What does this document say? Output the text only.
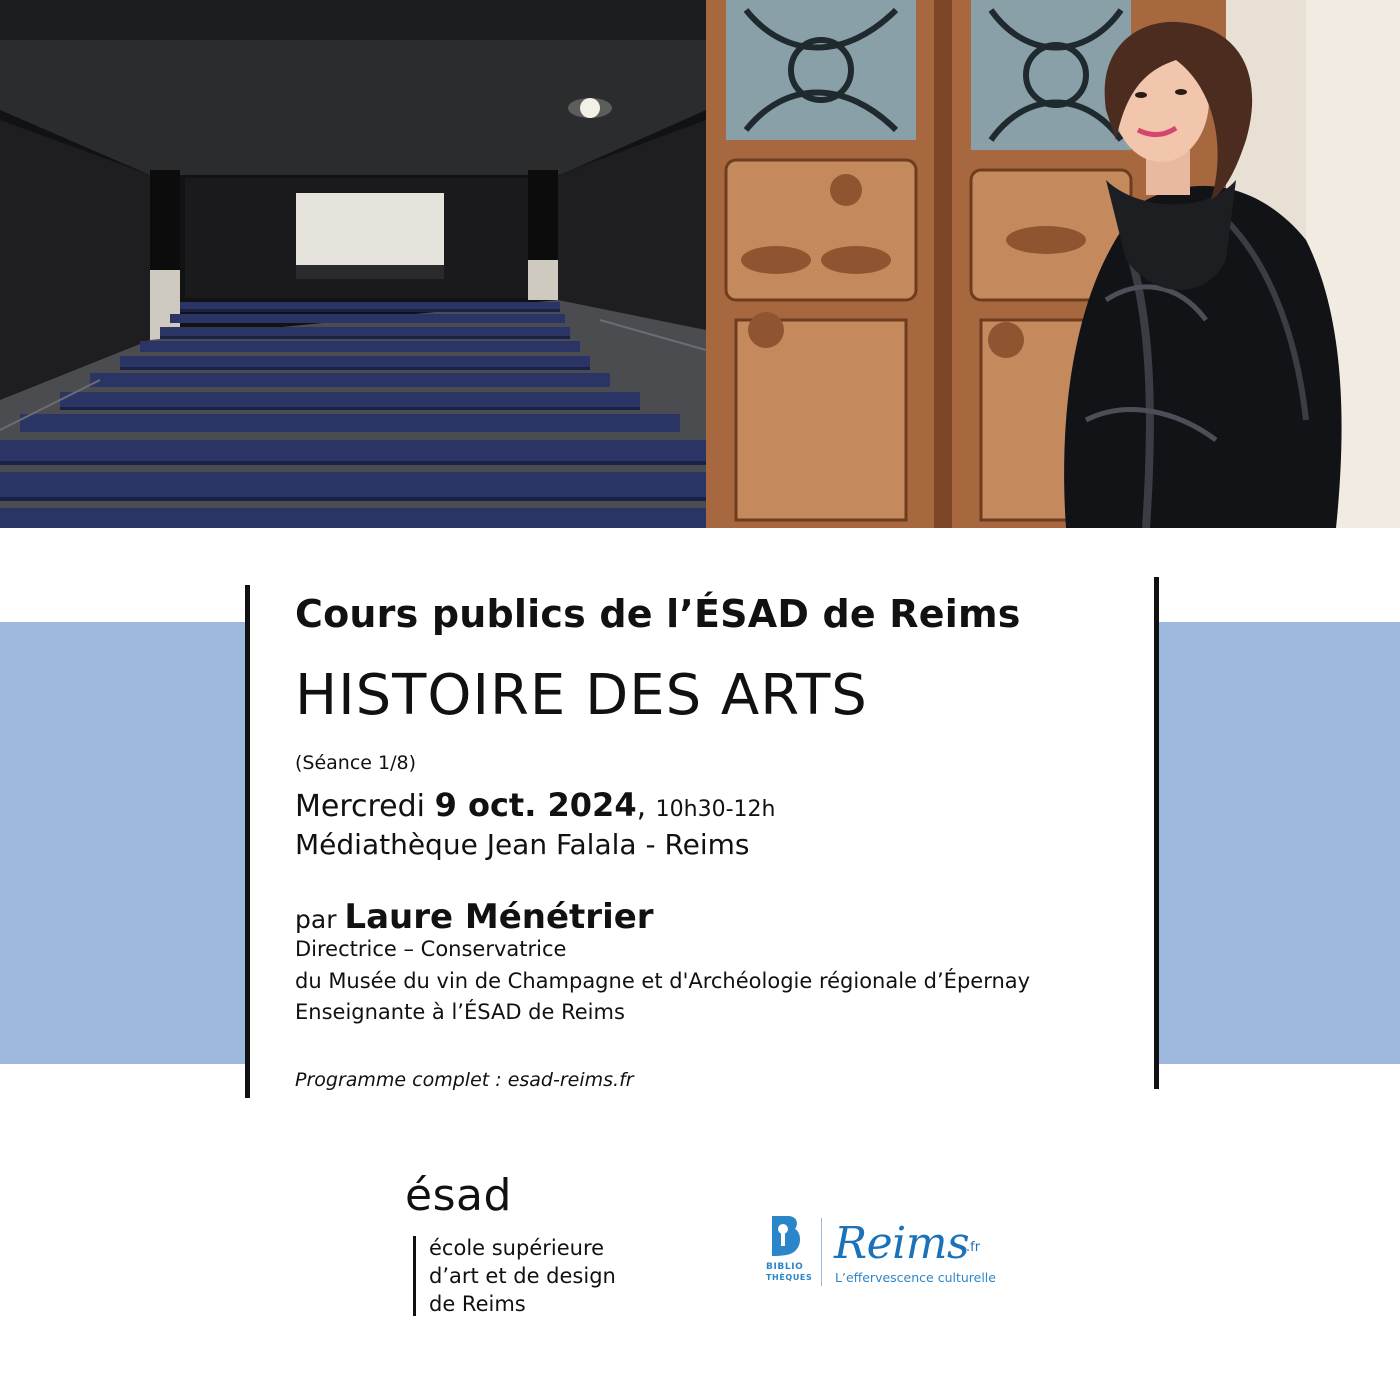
Cours publics de l’ÉSAD de Reims
HISTOIRE DES ARTS
(Séance 1/8)
Mercredi 9 oct. 2024, 10h30-12h
Médiathèque Jean Falala - Reims
par Laure Ménétrier
Directrice – Conservatrice
du Musée du vin de Champagne et d'Archéologie régionale d’Épernay
Enseignante à l’ÉSAD de Reims
Programme complet : esad-reims.fr
ésad
école supérieure
d’art et de design
de Reims
BIBLIO
THÈQUES
Reims
.fr
L’effervescence culturelle
